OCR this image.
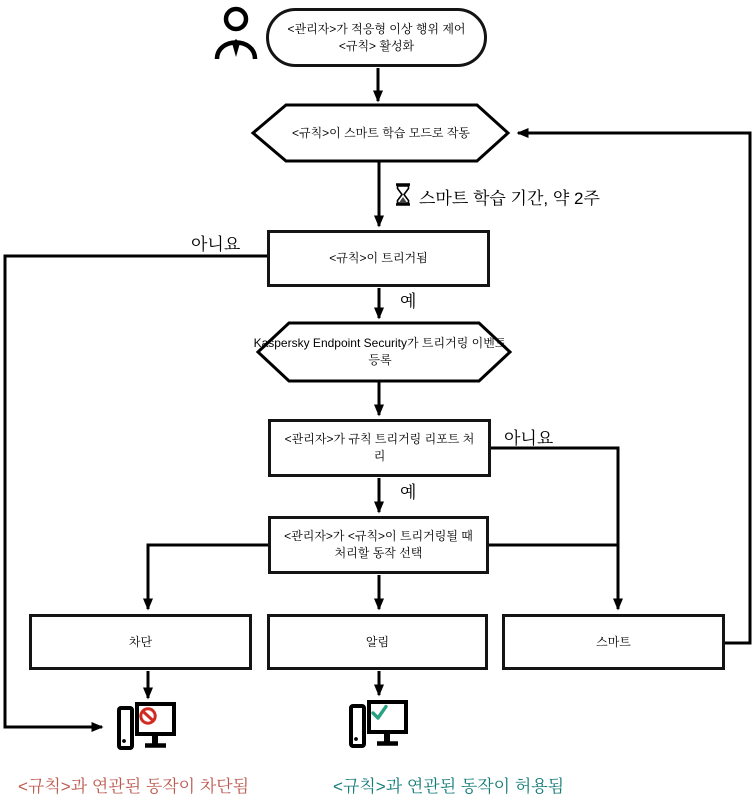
<관리자>가 적응형 이상 행위 제어 <규칙> 활성화
<규칙>이 스마트 학습 모드로 작동
스마트 학습 기간, 약 2주
아니요
<규칙>이 트리거됨
예
Kaspersky Endpoint Security가 트리거링 이벤트 등록
<관리자>가 규칙 트리거링 리포트 처리
아니요
예
<관리자>가 <규칙>이 트리거링될 때 처리할 동작 선택
차단	알림	스마트
<규칙>과 연관된 동작이 차단됨	<규칙>과 연관된 동작이 허용됨
